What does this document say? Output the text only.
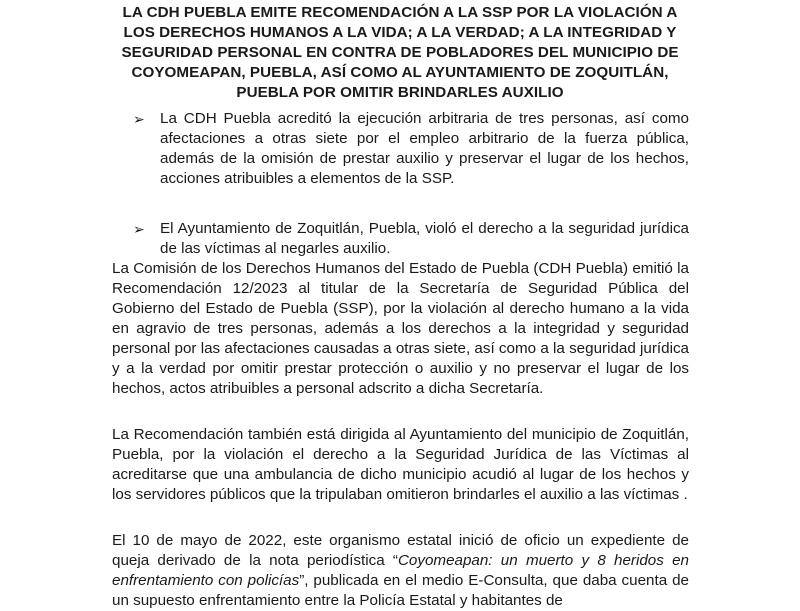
LA CDH PUEBLA EMITE RECOMENDACIÓN A LA SSP POR LA VIOLACIÓN A LOS DERECHOS HUMANOS A LA VIDA; A LA VERDAD; A LA INTEGRIDAD Y SEGURIDAD PERSONAL EN CONTRA DE POBLADORES DEL MUNICIPIO DE COYOMEAPAN, PUEBLA, ASÍ COMO AL AYUNTAMIENTO DE ZOQUITLÁN, PUEBLA POR OMITIR BRINDARLES AUXILIO
➢ La CDH Puebla acreditó la ejecución arbitraria de tres personas, así como afectaciones a otras siete por el empleo arbitrario de la fuerza pública, además de la omisión de prestar auxilio y preservar el lugar de los hechos, acciones atribuibles a elementos de la SSP.
➢ El Ayuntamiento de Zoquitlán, Puebla, violó el derecho a la seguridad jurídica de las víctimas al negarles auxilio.

La Comisión de los Derechos Humanos del Estado de Puebla (CDH Puebla) emitió la Recomendación 12/2023 al titular de la Secretaría de Seguridad Pública del Gobierno del Estado de Puebla (SSP), por la violación al derecho humano a la vida en agravio de tres personas, además a los derechos a la integridad y seguridad personal por las afectaciones causadas a otras siete, así como a la seguridad jurídica y a la verdad por omitir prestar protección o auxilio y no preservar el lugar de los hechos, actos atribuibles a personal adscrito a dicha Secretaría.

La Recomendación también está dirigida al Ayuntamiento del municipio de Zoquitlán, Puebla, por la violación el derecho a la Seguridad Jurídica de las Víctimas al acreditarse que una ambulancia de dicho municipio acudió al lugar de los hechos y los servidores públicos que la tripulaban omitieron brindarles el auxilio a las víctimas .

El 10 de mayo de 2022, este organismo estatal inició de oficio un expediente de queja derivado de la nota periodística “Coyomeapan: un muerto y 8 heridos en enfrentamiento con policías”, publicada en el medio E-Consulta, que daba cuenta de un supuesto enfrentamiento entre la Policía Estatal y habitantes de
